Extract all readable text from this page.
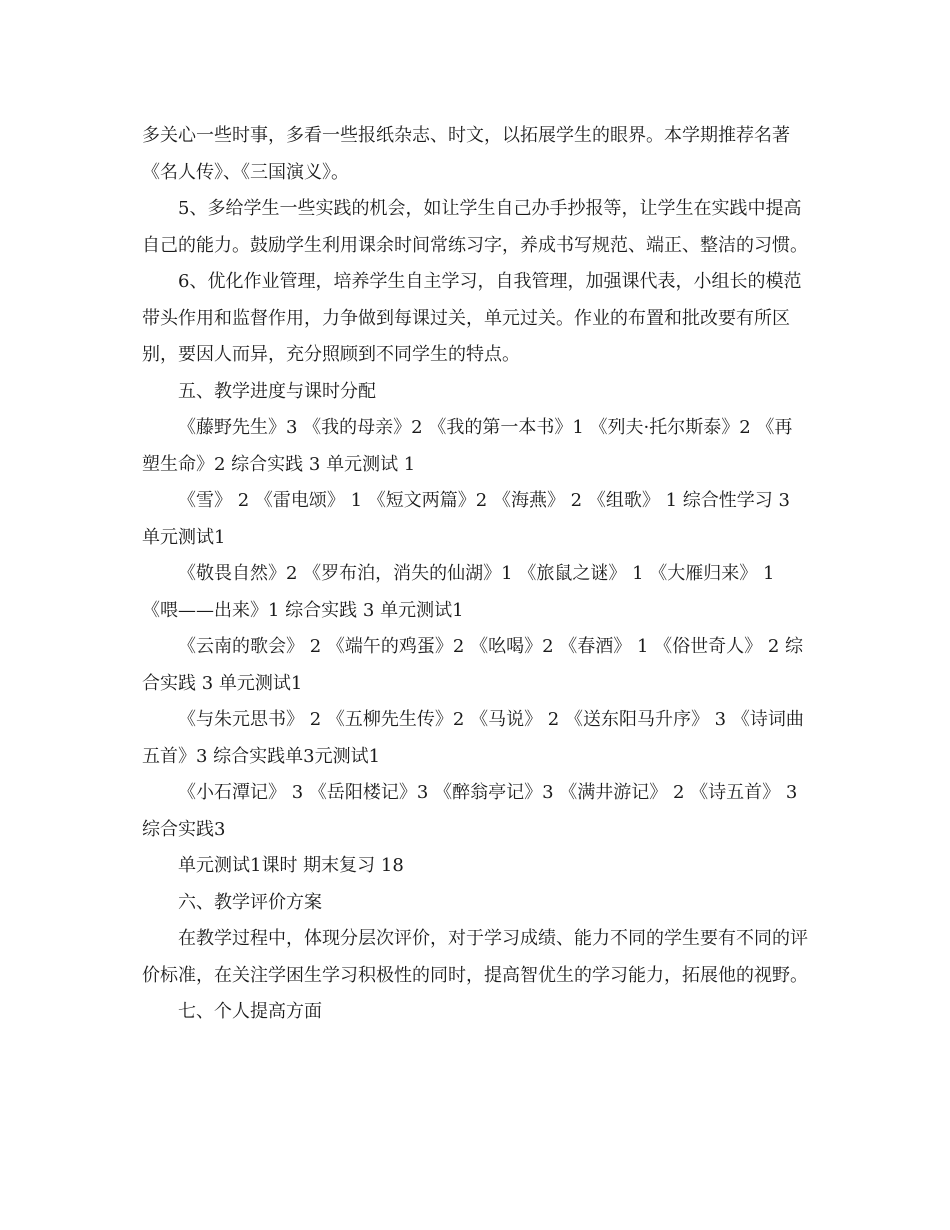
多关心一些时事，多看一些报纸杂志、时文，以拓展学生的眼界。本学期推荐名著《名人传》、《三国演义》。

5、多给学生一些实践的机会，如让学生自己办手抄报等，让学生在实践中提高自己的能力。鼓励学生利用课余时间常练习字，养成书写规范、端正、整洁的习惯。

6、优化作业管理，培养学生自主学习，自我管理，加强课代表，小组长的模范带头作用和监督作用，力争做到每课过关，单元过关。作业的布置和批改要有所区别，要因人而异，充分照顾到不同学生的特点。

五、教学进度与课时分配

《藤野先生》3 《我的母亲》2 《我的第一本书》1 《列夫·托尔斯泰》2 《再塑生命》2 综合实践 3 单元测试 1

《雪》 2 《雷电颂》 1 《短文两篇》2 《海燕》 2 《组歌》 1 综合性学习 3 单元测试1

《敬畏自然》2 《罗布泊，消失的仙湖》1 《旅鼠之谜》 1 《大雁归来》 1 《喂——出来》1 综合实践 3 单元测试1

《云南的歌会》 2 《端午的鸡蛋》2 《吆喝》2 《春酒》 1 《俗世奇人》 2 综合实践 3 单元测试1

《与朱元思书》 2 《五柳先生传》2 《马说》 2 《送东阳马升序》 3 《诗词曲五首》3 综合实践单3元测试1

《小石潭记》 3 《岳阳楼记》3 《醉翁亭记》3 《满井游记》 2 《诗五首》 3 综合实践3

单元测试1课时 期末复习 18

六、教学评价方案

在教学过程中，体现分层次评价，对于学习成绩、能力不同的学生要有不同的评价标准，在关注学困生学习积极性的同时，提高智优生的学习能力，拓展他的视野。

七、个人提高方面
